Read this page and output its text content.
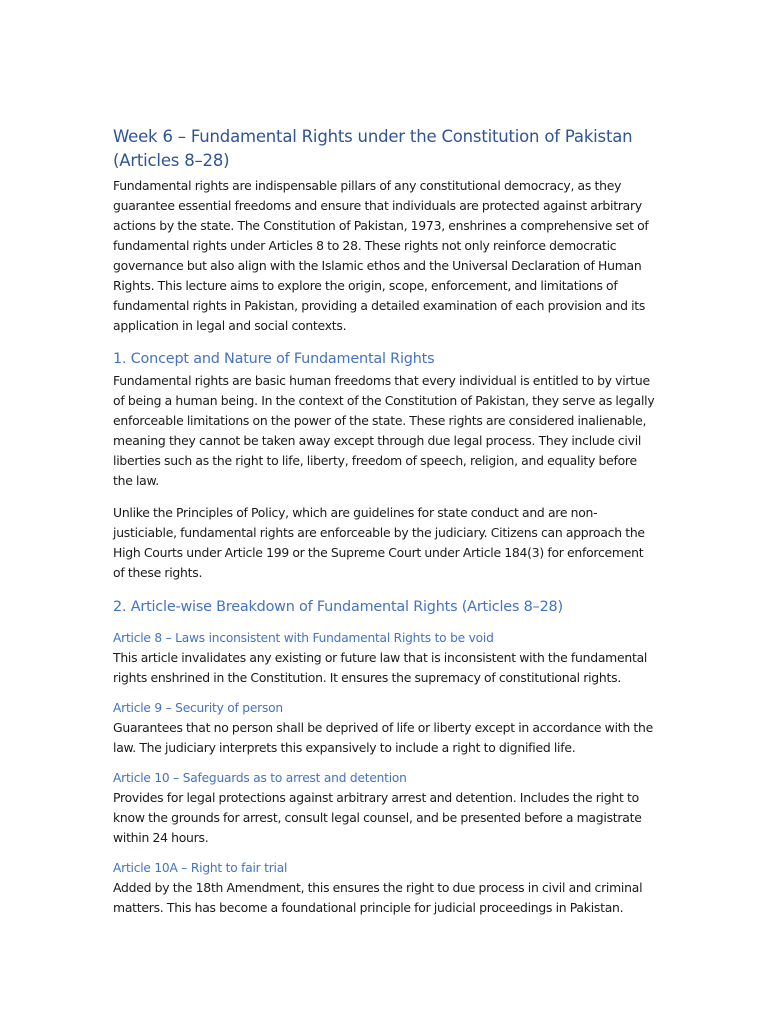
Week 6 – Fundamental Rights under the Constitution of Pakistan (Articles 8–28)

Fundamental rights are indispensable pillars of any constitutional democracy, as they guarantee essential freedoms and ensure that individuals are protected against arbitrary actions by the state. The Constitution of Pakistan, 1973, enshrines a comprehensive set of fundamental rights under Articles 8 to 28. These rights not only reinforce democratic governance but also align with the Islamic ethos and the Universal Declaration of Human Rights. This lecture aims to explore the origin, scope, enforcement, and limitations of fundamental rights in Pakistan, providing a detailed examination of each provision and its application in legal and social contexts.

1. Concept and Nature of Fundamental Rights

Fundamental rights are basic human freedoms that every individual is entitled to by virtue of being a human being. In the context of the Constitution of Pakistan, they serve as legally enforceable limitations on the power of the state. These rights are considered inalienable, meaning they cannot be taken away except through due legal process. They include civil liberties such as the right to life, liberty, freedom of speech, religion, and equality before the law.

Unlike the Principles of Policy, which are guidelines for state conduct and are non-justiciable, fundamental rights are enforceable by the judiciary. Citizens can approach the High Courts under Article 199 or the Supreme Court under Article 184(3) for enforcement of these rights.

2. Article-wise Breakdown of Fundamental Rights (Articles 8–28)
Article 8 – Laws inconsistent with Fundamental Rights to be void

This article invalidates any existing or future law that is inconsistent with the fundamental rights enshrined in the Constitution. It ensures the supremacy of constitutional rights.

Article 9 – Security of person

Guarantees that no person shall be deprived of life or liberty except in accordance with the law. The judiciary interprets this expansively to include a right to dignified life.

Article 10 – Safeguards as to arrest and detention

Provides for legal protections against arbitrary arrest and detention. Includes the right to know the grounds for arrest, consult legal counsel, and be presented before a magistrate within 24 hours.

Article 10A – Right to fair trial

Added by the 18th Amendment, this ensures the right to due process in civil and criminal matters. This has become a foundational principle for judicial proceedings in Pakistan.
